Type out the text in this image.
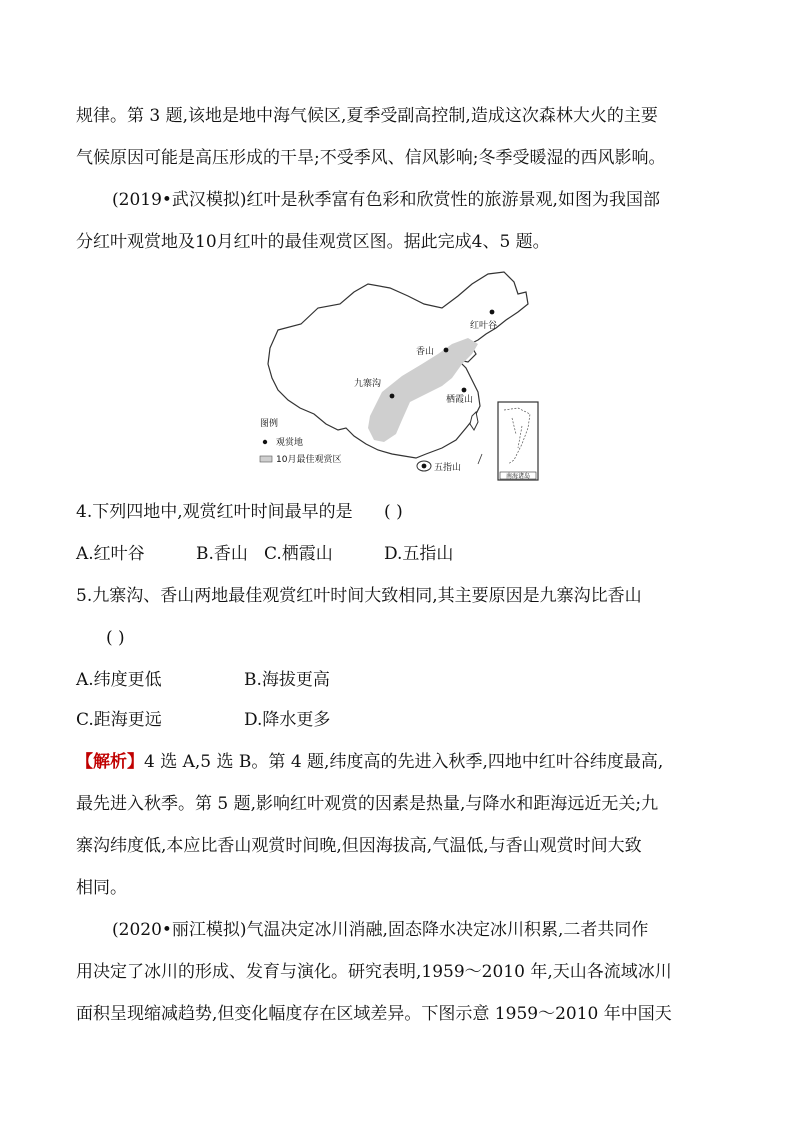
规律。第 3 题,该地是地中海气候区,夏季受副高控制,造成这次森林大火的主要
气候原因可能是高压形成的干旱;不受季风、信风影响;冬季受暖湿的西风影响。
(2019•武汉模拟)红叶是秋季富有色彩和欣赏性的旅游景观,如图为我国部
分红叶观赏地及10月红叶的最佳观赏区图。据此完成4、5 题。
南海诸岛
红叶谷
香山
九寨沟
栖霞山
五指山
图例
观赏地
10月最佳观赏区
4.下列四地中,观赏红叶时间最早的是 ( )
A.红叶谷	B.香山 C.栖霞山	D.五指山
5.九寨沟、香山两地最佳观赏红叶时间大致相同,其主要原因是九寨沟比香山
( )
A.纬度更低	B.海拔更高
C.距海更远	D.降水更多
【解析】4 选 A,5 选 B。第 4 题,纬度高的先进入秋季,四地中红叶谷纬度最高,
最先进入秋季。第 5 题,影响红叶观赏的因素是热量,与降水和距海远近无关;九
寨沟纬度低,本应比香山观赏时间晚,但因海拔高,气温低,与香山观赏时间大致
相同。
(2020•丽江模拟)气温决定冰川消融,固态降水决定冰川积累,二者共同作
用决定了冰川的形成、发育与演化。研究表明,1959～2010 年,天山各流域冰川
面积呈现缩减趋势,但变化幅度存在区域差异。下图示意 1959～2010 年中国天
